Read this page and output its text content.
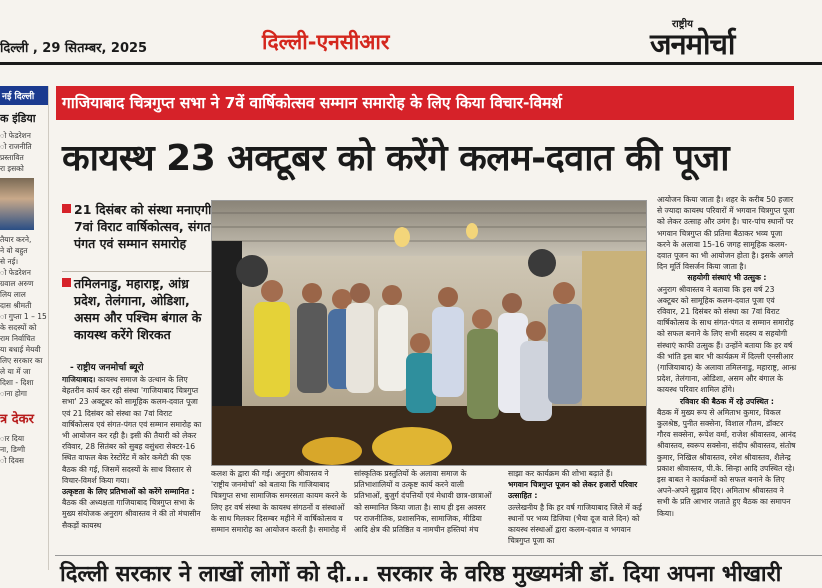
दिल्ली , 29 सितम्बर, 2025	दिल्ली-एनसीआर
राष्ट्रीय
जनमोर्चा
नई दिल्ली
क इंडिया
ो फेडरेशन
ो राजनीति
प्रस्तावित
रा इसको
तैयार करने,
ने वो बहुत
से नई।
ो फेडरेशन
ग्रवाल अरुण
लिय लाल
दास श्रीमती
ा गुप्ता 1 – 15
के सदस्यों को
राम निर्वाचित
या बधाई मेयवी
लिए सरकार का
ले या में जा
दिशा - दिशा
ाना होगा
त्र देकर
ार दिया
ना, डिग्गी
ो दिवस
गाजियाबाद चित्रगुप्त सभा ने 7वें वार्षिकोत्सव सम्मान समारोह के लिए किया विचार-विमर्श
कायस्थ 23 अक्टूबर को करेंगे कलम-दवात की पूजा
21 दिसंबर को संस्था मनाएगी 7वां विराट वार्षिकोत्सव, संगत पंगत एवं सम्मान समारोह
तमिलनाडु, महाराष्ट्र, आंध्र प्रदेश, तेलंगाना, ओडिशा, असम और पश्चिम बंगाल के कायस्थ करेंगे शिरकत
- राष्ट्रीय जनमोर्चा ब्यूरो
गाजियाबाद। कायस्थ समाज के उत्थान के लिए बेहतरीन कार्य कर रही संस्था 'गाजियाबाद चित्रगुप्त सभा' 23 अक्टूबर को सामूहिक कलम-दवात पूजा एवं 21 दिसंबर को संस्था का 7वां विराट वार्षिकोत्सव एवं संगत-पंगत एवं सम्मान समारोह का भी आयोजन कर रही है। इसी की तैयारी को लेकर रविवार, 28 सितंबर को सुबह वसुंधरा सेक्टर-16 स्थित वाफल बेक रेस्टोरेंट में कोर कमेटी की एक बैठक की गई, जिसमें सदस्यों के साथ विस्तार से विचार-विमर्श किया गया।
उत्कृष्टता के लिए प्रतिभाओं को करेंगे सम्मानित :
बैठक की अध्यक्षता गाजियाबाद चित्रगुप्त सभा के मुख्य संयोजक अनुराग श्रीवास्तव ने की तो मंचासीन सैकड़ों कायस्थ
कलश के द्वारा की गई। अनुराग श्रीवास्तव ने 'राष्ट्रीय जनमोर्चा' को बताया कि गाजियाबाद चित्रगुप्त सभा सामाजिक समरसता कायम करने के लिए हर वर्ष संस्था के कायस्थ संगठनों व संस्थाओं के साथ मिलकर दिसम्बर महीने में वार्षिकोत्सव व सम्मान समारोह का आयोजन करती है। समारोह में
सांस्कृतिक प्रस्तुतियों के अलावा समाज के प्रतिभाशालियों व उत्कृष्ट कार्य करने वाली प्रतिभाओं, बुजुर्ग दंपत्तियों एवं मेधावी छात्र-छात्राओं को सम्मानित किया जाता है। साथ ही इस अवसर पर राजनीतिक, प्रशासनिक, सामाजिक, मीडिया आदि क्षेत्र की प्रतिष्ठित व नामचीन हस्तियां मंच
साझा कर कार्यक्रम की शोभा बढ़ाते हैं।
भगवान चित्रगुप्त पूजन को लेकर हजारों परिवार उत्साहित :
उल्लेखनीय है कि हर वर्ष गाजियाबाद जिले में कई स्थानों पर भव्य डिजिया (भैया दूज वाले दिन) को कायस्थ संस्थाओं द्वारा कलम-दवात व भगवान चित्रगुप्त पूजा का
आयोजन किया जाता है। शहर के करीब 50 हजार से ज्यादा कायस्थ परिवारों में भगवान चित्रगुप्त पूजा को लेकर उत्साह और उमंग है। चार-पांच स्थानों पर भगवान चित्रगुप्त की प्रतिमा बैठाकर भव्य पूजा करने के अलावा 15-16 जगह सामूहिक कलम-दवात पूजन का भी आयोजन होता है। इसके अगले दिन मूर्ति विसर्जन किया जाता है।
सहयोगी संस्थाएं भी उत्सुक :
अनुराग श्रीवास्तव ने बताया कि इस वर्ष 23 अक्टूबर को सामूहिक कलम-दवात पूजा एवं रविवार, 21 दिसंबर को संस्था का 7वां विराट वार्षिकोत्सव के साथ संगत-पंगत व सम्मान समारोह को सफल बनाने के लिए सभी सदस्य व सहयोगी संस्थाएं काफी उत्सुक हैं। उन्होंने बताया कि हर वर्ष की भांति इस बार भी कार्यक्रम में दिल्ली एनसीआर (गाजियाबाद) के अलावा तमिलनाडु, महाराष्ट्र, आन्ध्र प्रदेश, तेलंगाना, ओडिशा, असम और बंगाल के कायस्थ परिवार शामिल होंगे।
रविवार की बैठक में रहे उपस्थित :
बैठक में मुख्य रूप से अमिताभ कुमार, विकल कुलश्रेष्ठ, पुनीत सक्सेना, विशाल गौतम, डॉक्टर गौरव सक्सेना, रूपेश वर्मा, राजेश श्रीवास्तव, आनंद श्रीवास्तव, स्वरूप सक्सेना, संदीप श्रीवास्तव, संतोष कुमार, निखिल श्रीवास्तव, रमेश श्रीवास्तव, शैलेन्द्र प्रकाश श्रीवास्तव, पी.के. सिन्हा आदि उपस्थित रहे। इस बाबत ने कार्यक्रमों को सफल बनाने के लिए अपने-अपने सुझाव दिए। अमिताभ श्रीवास्तव ने सभी के प्रति आभार जताते हुए बैठक का समापन किया।
दिल्ली सरकार ने लाखों लोगों को दी... सरकार के वरिष्ठ मुख्यमंत्री डॉ. दिया अपना भीखारी
